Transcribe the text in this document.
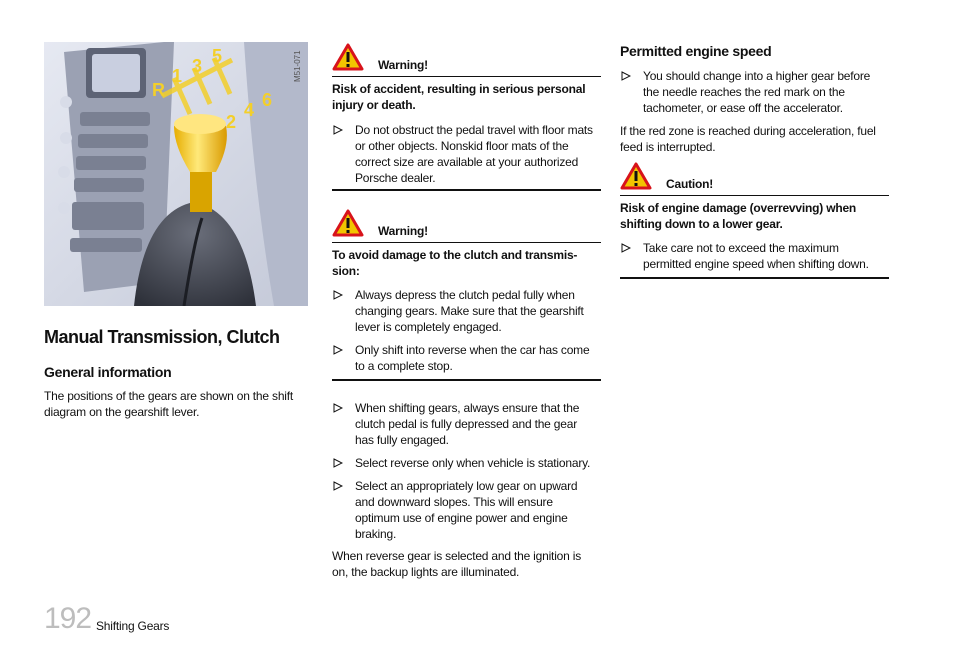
R
1 3 5
2
4 6
M51-071
Manual Transmission, Clutch
General information
The positions of the gears are shown on the shift
diagram on the gearshift lever.
Warning!
Risk of accident, resulting in serious personal
injury or death.
Do not obstruct the pedal travel with floor mats
or other objects. Nonskid floor mats of the
correct size are available at your authorized
Porsche dealer.
Warning!
To avoid damage to the clutch and transmis-
sion:
Always depress the clutch pedal fully when
changing gears. Make sure that the gearshift
lever is completely engaged.
Only shift into reverse when the car has come
to a complete stop.
When shifting gears, always ensure that the
clutch pedal is fully depressed and the gear
has fully engaged.
Select reverse only when vehicle is stationary.
Select an appropriately low gear on upward
and downward slopes. This will ensure
optimum use of engine power and engine
braking.
When reverse gear is selected and the ignition is
on, the backup lights are illuminated.
Permitted engine speed
You should change into a higher gear before
the needle reaches the red mark on the
tachometer, or ease off the accelerator.
If the red zone is reached during acceleration, fuel
feed is interrupted.
Caution!
Risk of engine damage (overrevving) when
shifting down to a lower gear.
Take care not to exceed the maximum
permitted engine speed when shifting down.
192 Shifting Gears
